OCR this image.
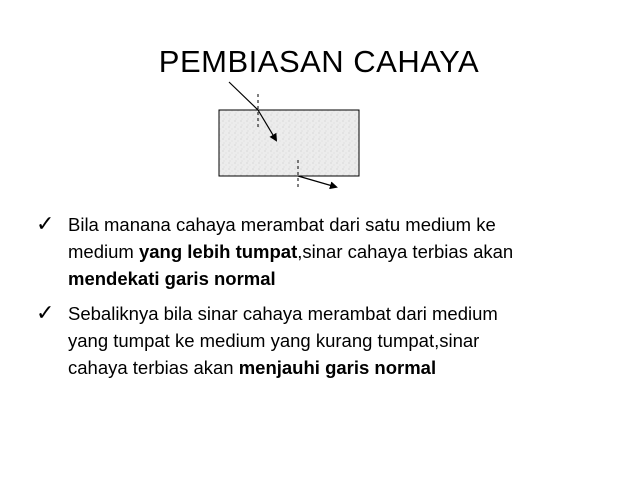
PEMBIASAN CAHAYA
✓ Bila manana cahaya merambat dari satu medium ke
medium yang lebih tumpat,sinar cahaya terbias akan
mendekati garis normal
✓ Sebaliknya bila sinar cahaya merambat dari medium
yang tumpat ke medium yang kurang tumpat,sinar
cahaya terbias akan menjauhi garis normal
